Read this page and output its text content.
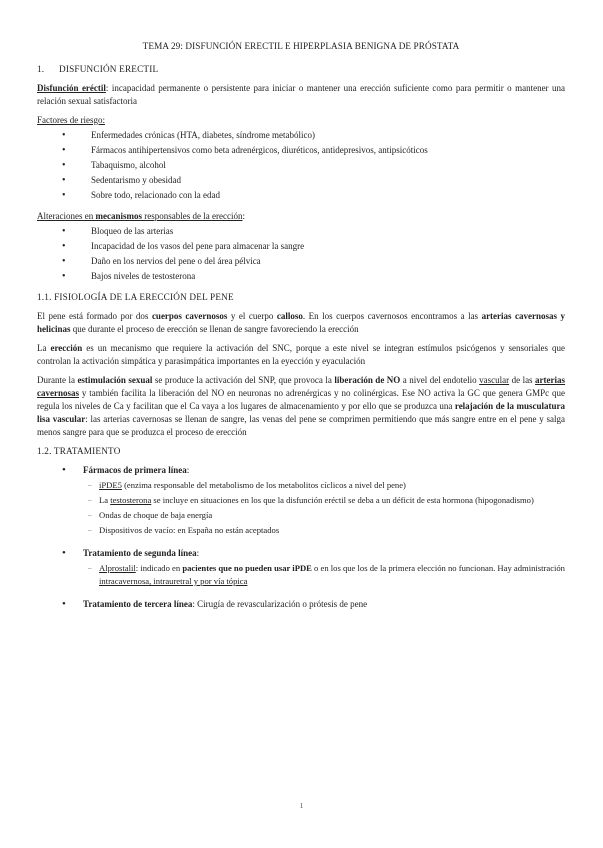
TEMA 29: DISFUNCIÓN ERECTIL E HIPERPLASIA BENIGNA DE PRÓSTATA
1. DISFUNCIÓN ERECTIL
Disfunción eréctil: incapacidad permanente o persistente para iniciar o mantener una erección suficiente como para permitir o mantener una relación sexual satisfactoria
Factores de riesgo:
• Enfermedades crónicas (HTA, diabetes, síndrome metabólico)
• Fármacos antihipertensivos como beta adrenérgicos, diuréticos, antidepresivos, antipsicóticos
• Tabaquismo, alcohol
• Sedentarismo y obesidad
• Sobre todo, relacionado con la edad
Alteraciones en mecanismos responsables de la erección:
• Bloqueo de las arterias
• Incapacidad de los vasos del pene para almacenar la sangre
• Daño en los nervios del pene o del área pélvica
• Bajos niveles de testosterona
1.1. FISIOLOGÍA DE LA ERECCIÓN DEL PENE
El pene está formado por dos cuerpos cavernosos y el cuerpo calloso. En los cuerpos cavernosos encontramos a las arterias cavernosas y helicinas que durante el proceso de erección se llenan de sangre favoreciendo la erección
La erección es un mecanismo que requiere la activación del SNC, porque a este nivel se integran estímulos psicógenos y sensoriales que controlan la activación simpática y parasimpática importantes en la eyección y eyaculación
Durante la estimulación sexual se produce la activación del SNP, que provoca la liberación de NO a nivel del endotelio vascular de las arterias cavernosas y también facilita la liberación del NO en neuronas no adrenérgicas y no colinérgicas. Ese NO activa la GC que genera GMPc que regula los niveles de Ca y facilitan que el Ca vaya a los lugares de almacenamiento y por ello que se produzca una relajación de la musculatura lisa vascular: las arterias cavernosas se llenan de sangre, las venas del pene se comprimen permitiendo que más sangre entre en el pene y salga menos sangre para que se produzca el proceso de erección
1.2. TRATAMIENTO
• Fármacos de primera línea:
– iPDE5 (enzima responsable del metabolismo de los metabolitos cíclicos a nivel del pene)
– La testosterona se incluye en situaciones en los que la disfunción eréctil se deba a un déficit de esta hormona (hipogonadismo)
– Ondas de choque de baja energía
– Dispositivos de vacío: en España no están aceptados
• Tratamiento de segunda línea:
– Alprostalil: indicado en pacientes que no pueden usar iPDE o en los que los de la primera elección no funcionan. Hay administración intracavernosa, intrauretral y por vía tópica
• Tratamiento de tercera línea: Cirugía de revascularización o prótesis de pene
1
